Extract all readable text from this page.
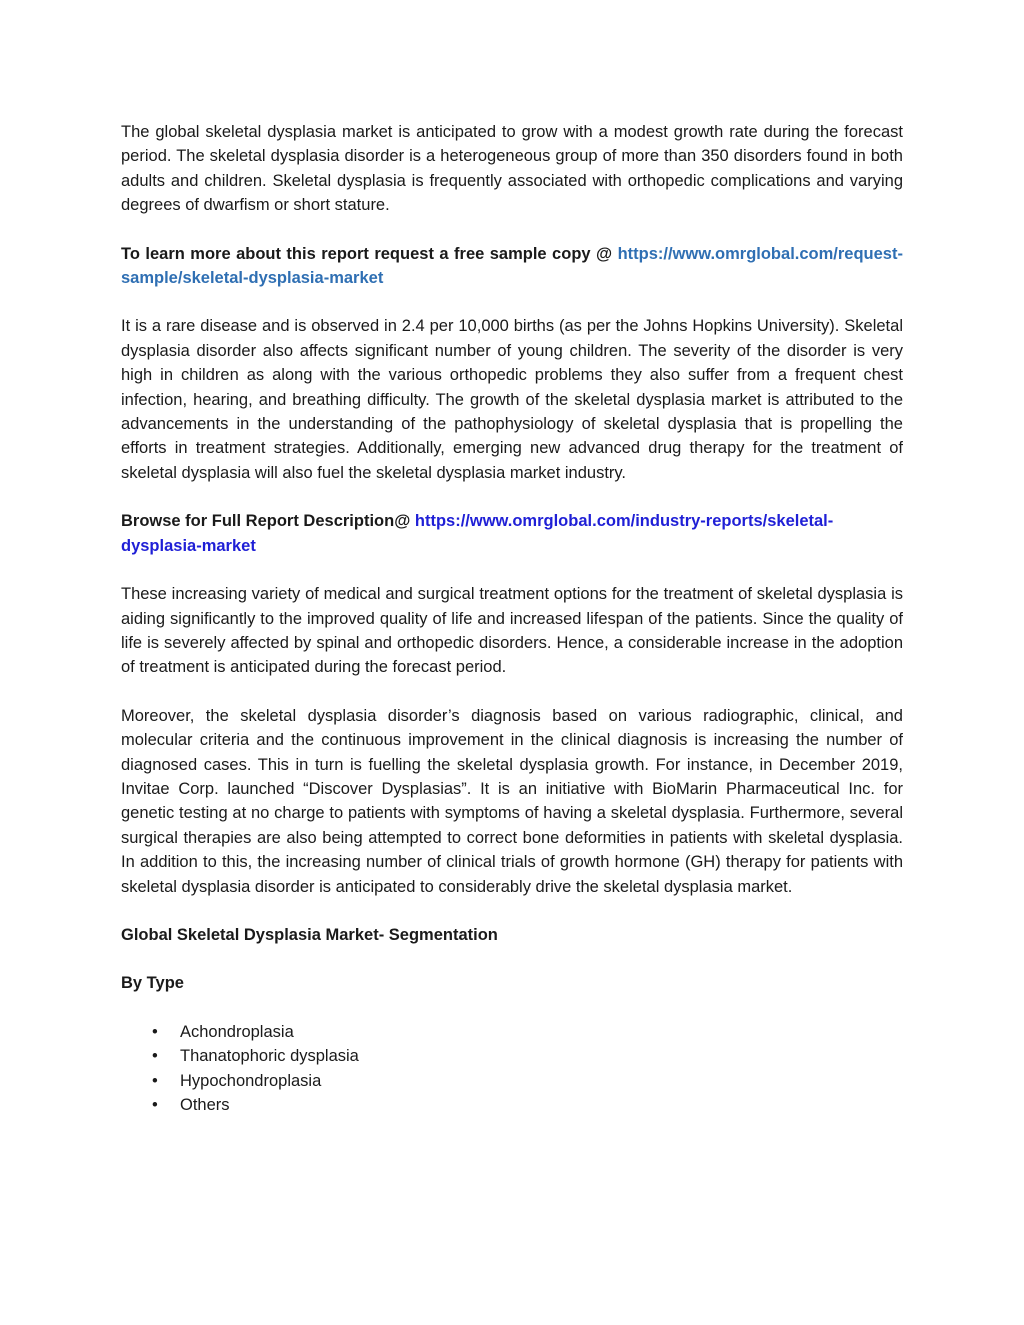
The global skeletal dysplasia market is anticipated to grow with a modest growth rate during the forecast period. The skeletal dysplasia disorder is a heterogeneous group of more than 350 disorders found in both adults and children. Skeletal dysplasia is frequently associated with orthopedic complications and varying degrees of dwarfism or short stature.

To learn more about this report request a free sample copy @ https://www.omrglobal.com/request-sample/skeletal-dysplasia-market

It is a rare disease and is observed in 2.4 per 10,000 births (as per the Johns Hopkins University). Skeletal dysplasia disorder also affects significant number of young children. The severity of the disorder is very high in children as along with the various orthopedic problems they also suffer from a frequent chest infection, hearing, and breathing difficulty. The growth of the skeletal dysplasia market is attributed to the advancements in the understanding of the pathophysiology of skeletal dysplasia that is propelling the efforts in treatment strategies. Additionally, emerging new advanced drug therapy for the treatment of skeletal dysplasia will also fuel the skeletal dysplasia market industry.

Browse for Full Report Description@ https://www.omrglobal.com/industry-reports/skeletal-dysplasia-market

These increasing variety of medical and surgical treatment options for the treatment of skeletal dysplasia is aiding significantly to the improved quality of life and increased lifespan of the patients. Since the quality of life is severely affected by spinal and orthopedic disorders. Hence, a considerable increase in the adoption of treatment is anticipated during the forecast period.

Moreover, the skeletal dysplasia disorder’s diagnosis based on various radiographic, clinical, and molecular criteria and the continuous improvement in the clinical diagnosis is increasing the number of diagnosed cases. This in turn is fuelling the skeletal dysplasia growth. For instance, in December 2019, Invitae Corp. launched “Discover Dysplasias”. It is an initiative with BioMarin Pharmaceutical Inc. for genetic testing at no charge to patients with symptoms of having a skeletal dysplasia. Furthermore, several surgical therapies are also being attempted to correct bone deformities in patients with skeletal dysplasia. In addition to this, the increasing number of clinical trials of growth hormone (GH) therapy for patients with skeletal dysplasia disorder is anticipated to considerably drive the skeletal dysplasia market.

Global Skeletal Dysplasia Market- Segmentation
By Type
• Achondroplasia
• Thanatophoric dysplasia
• Hypochondroplasia
• Others
